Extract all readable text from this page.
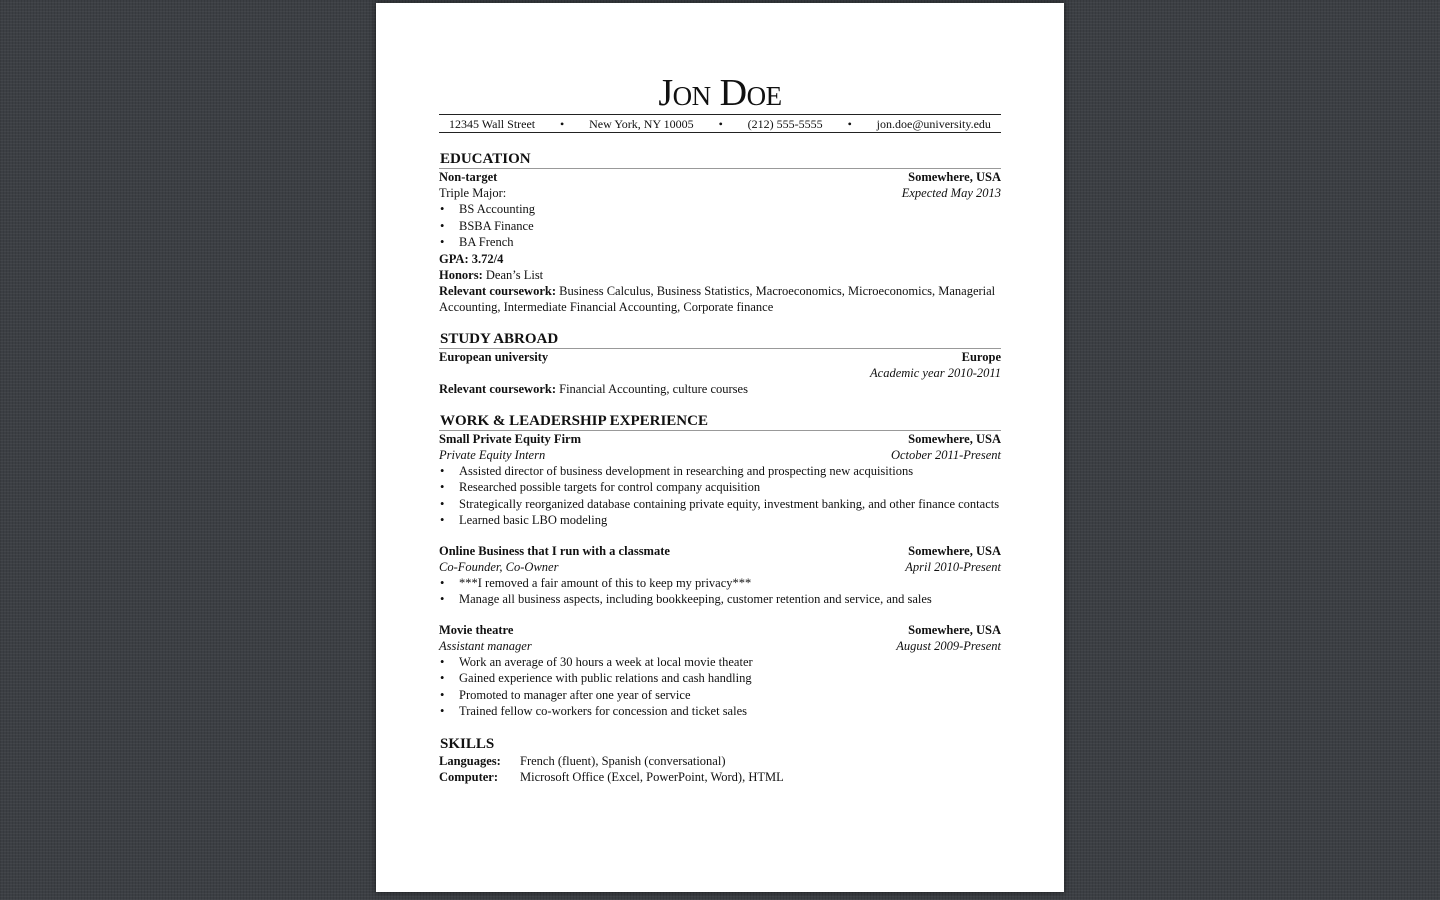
Jon Doe
12345 Wall Street • New York, NY 10005 • (212) 555-5555 • jon.doe@university.edu
EDUCATION
Non-target	Somewhere, USA
Triple Major:	Expected May 2013
• BS Accounting
• BSBA Finance
• BA French
GPA: 3.72/4
Honors: Dean’s List
Relevant coursework: Business Calculus, Business Statistics, Macroeconomics, Microeconomics, Managerial Accounting, Intermediate Financial Accounting, Corporate finance
STUDY ABROAD
European university	Europe
Academic year 2010-2011
Relevant coursework: Financial Accounting, culture courses
WORK & LEADERSHIP EXPERIENCE
Small Private Equity Firm	Somewhere, USA
Private Equity Intern	October 2011-Present
• Assisted director of business development in researching and prospecting new acquisitions
• Researched possible targets for control company acquisition
• Strategically reorganized database containing private equity, investment banking, and other finance contacts
• Learned basic LBO modeling
Online Business that I run with a classmate	Somewhere, USA
Co-Founder, Co-Owner	April 2010-Present
• ***I removed a fair amount of this to keep my privacy***
• Manage all business aspects, including bookkeeping, customer retention and service, and sales
Movie theatre	Somewhere, USA
Assistant manager	August 2009-Present
• Work an average of 30 hours a week at local movie theater
• Gained experience with public relations and cash handling
• Promoted to manager after one year of service
• Trained fellow co-workers for concession and ticket sales
SKILLS
Languages:	French (fluent), Spanish (conversational)
Computer:	Microsoft Office (Excel, PowerPoint, Word), HTML
